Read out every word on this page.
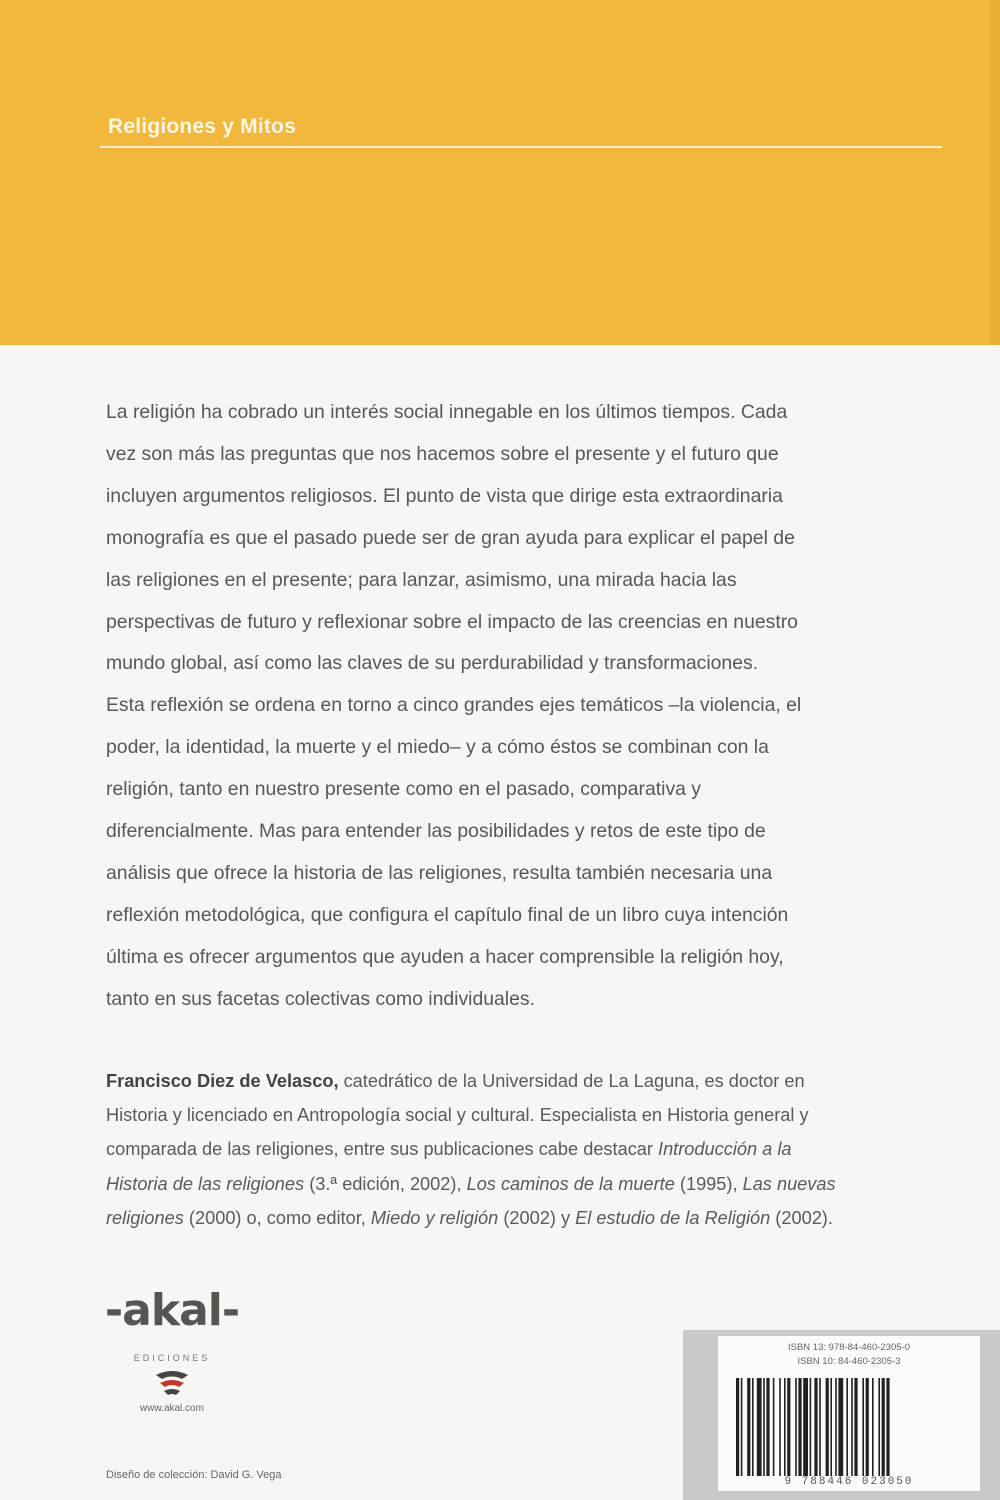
Religiones y Mitos
La religión ha cobrado un interés social innegable en los últimos tiempos. Cada
vez son más las preguntas que nos hacemos sobre el presente y el futuro que
incluyen argumentos religiosos. El punto de vista que dirige esta extraordinaria
monografía es que el pasado puede ser de gran ayuda para explicar el papel de
las religiones en el presente; para lanzar, asimismo, una mirada hacia las
perspectivas de futuro y reflexionar sobre el impacto de las creencias en nuestro
mundo global, así como las claves de su perdurabilidad y transformaciones.
Esta reflexión se ordena en torno a cinco grandes ejes temáticos –la violencia, el
poder, la identidad, la muerte y el miedo– y a cómo éstos se combinan con la
religión, tanto en nuestro presente como en el pasado, comparativa y
diferencialmente. Mas para entender las posibilidades y retos de este tipo de
análisis que ofrece la historia de las religiones, resulta también necesaria una
reflexión metodológica, que configura el capítulo final de un libro cuya intención
última es ofrecer argumentos que ayuden a hacer comprensible la religión hoy,
tanto en sus facetas colectivas como individuales.
Francisco Diez de Velasco, catedrático de la Universidad de La Laguna, es doctor en
Historia y licenciado en Antropología social y cultural. Especialista en Historia general y
comparada de las religiones, entre sus publicaciones cabe destacar Introducción a la
Historia de las religiones (3.ª edición, 2002), Los caminos de la muerte (1995), Las nuevas
religiones (2000) o, como editor, Miedo y religión (2002) y El estudio de la Religión (2002).
-akal-
EDICIONES
www.akal.com
Diseño de colección: David G. Vega
ISBN 13: 978-84-460-2305-0
ISBN 10: 84-460-2305-3
9 788446 023050
